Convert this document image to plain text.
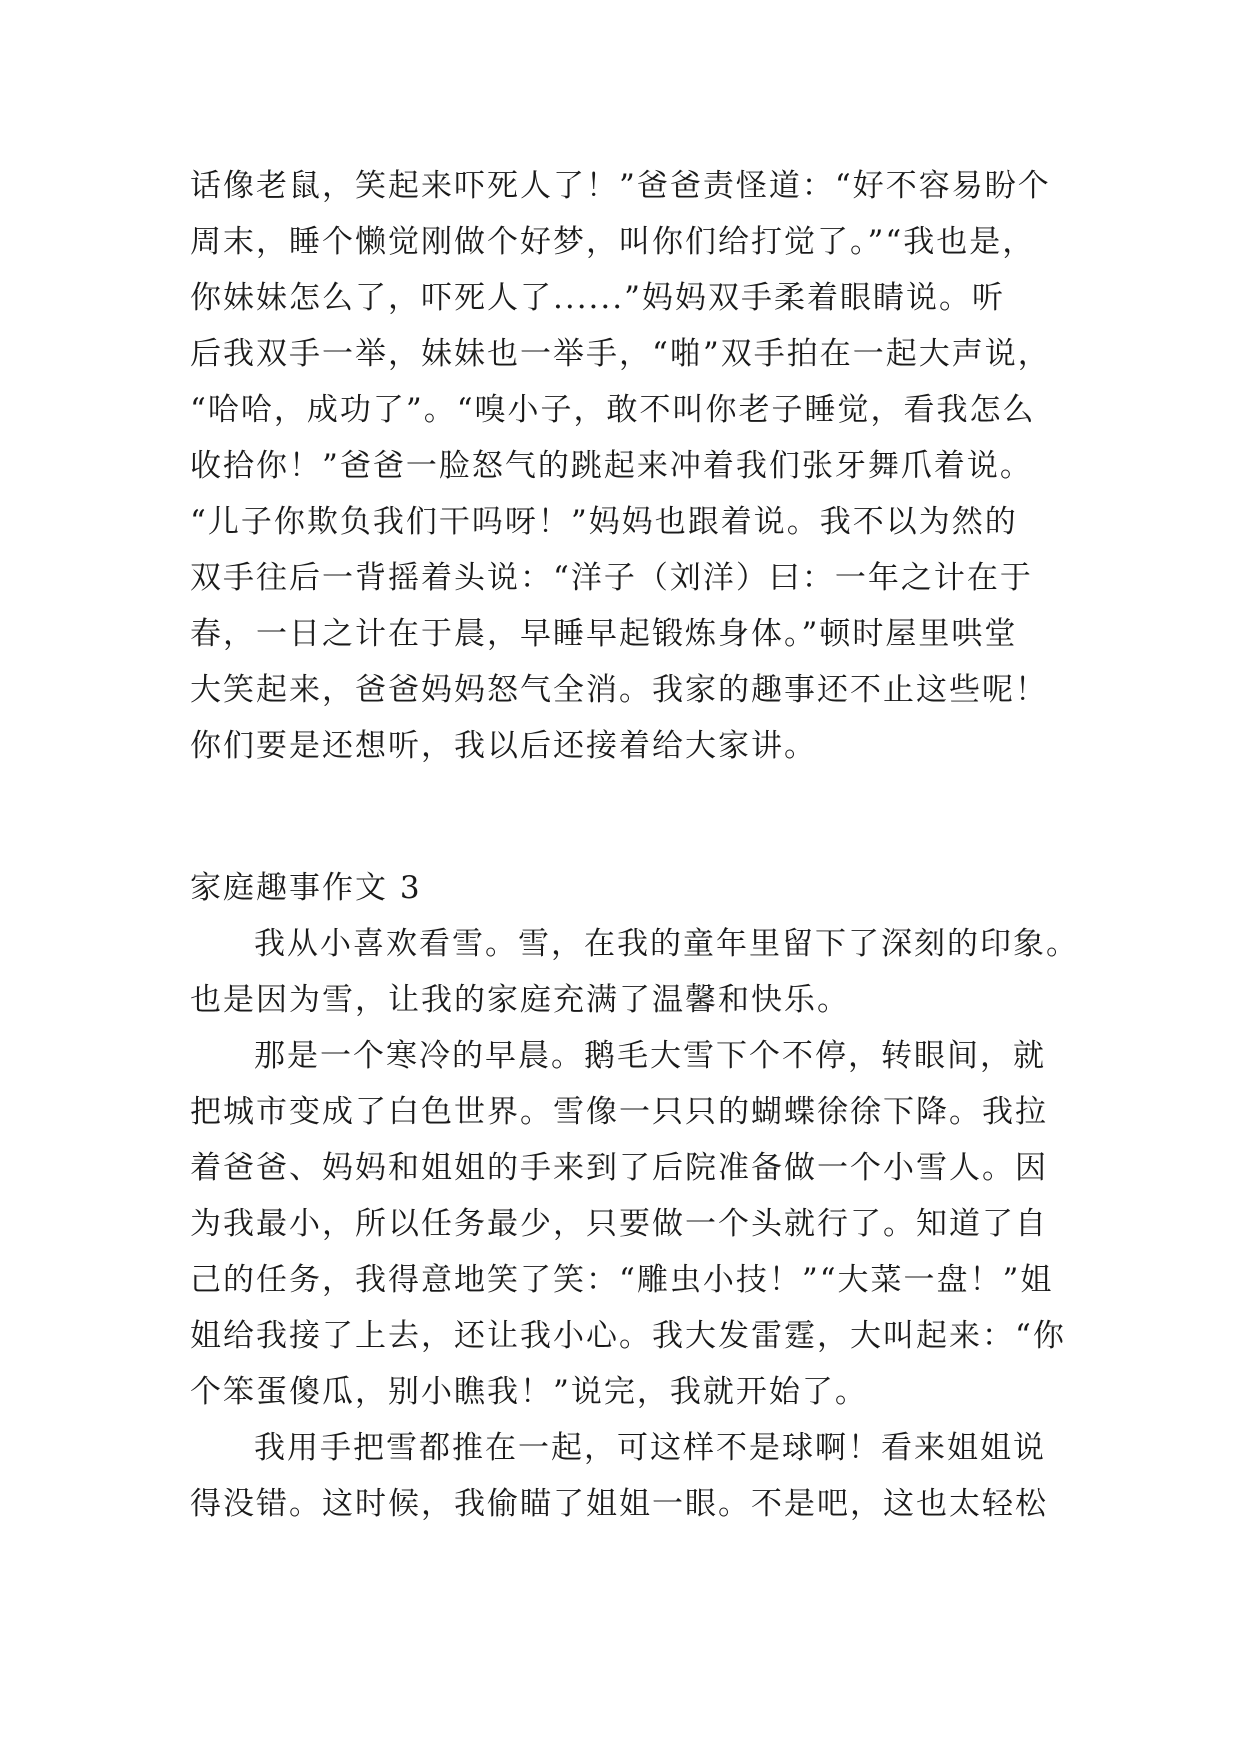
话像老鼠，笑起来吓死人了！”爸爸责怪道：“好不容易盼个
周末，睡个懒觉刚做个好梦，叫你们给打觉了。”“我也是，
你妹妹怎么了，吓死人了......”妈妈双手柔着眼睛说。听
后我双手一举，妹妹也一举手，“啪”双手拍在一起大声说，
“哈哈，成功了”。“嗅小子，敢不叫你老子睡觉，看我怎么
收拾你！”爸爸一脸怒气的跳起来冲着我们张牙舞爪着说。
“儿子你欺负我们干吗呀！”妈妈也跟着说。我不以为然的
双手往后一背摇着头说：“洋子（刘洋）曰：一年之计在于
春，一日之计在于晨，早睡早起锻炼身体。”顿时屋里哄堂
大笑起来，爸爸妈妈怒气全消。我家的趣事还不止这些呢！
你们要是还想听，我以后还接着给大家讲。
家庭趣事作文 3
我从小喜欢看雪。雪，在我的童年里留下了深刻的印象。
也是因为雪，让我的家庭充满了温馨和快乐。
那是一个寒冷的早晨。鹅毛大雪下个不停，转眼间，就
把城市变成了白色世界。雪像一只只的蝴蝶徐徐下降。我拉
着爸爸、妈妈和姐姐的手来到了后院准备做一个小雪人。因
为我最小，所以任务最少，只要做一个头就行了。知道了自
己的任务，我得意地笑了笑：“雕虫小技！”“大菜一盘！”姐
姐给我接了上去，还让我小心。我大发雷霆，大叫起来：“你
个笨蛋傻瓜，别小瞧我！”说完，我就开始了。
我用手把雪都推在一起，可这样不是球啊！看来姐姐说
得没错。这时候，我偷瞄了姐姐一眼。不是吧，这也太轻松
